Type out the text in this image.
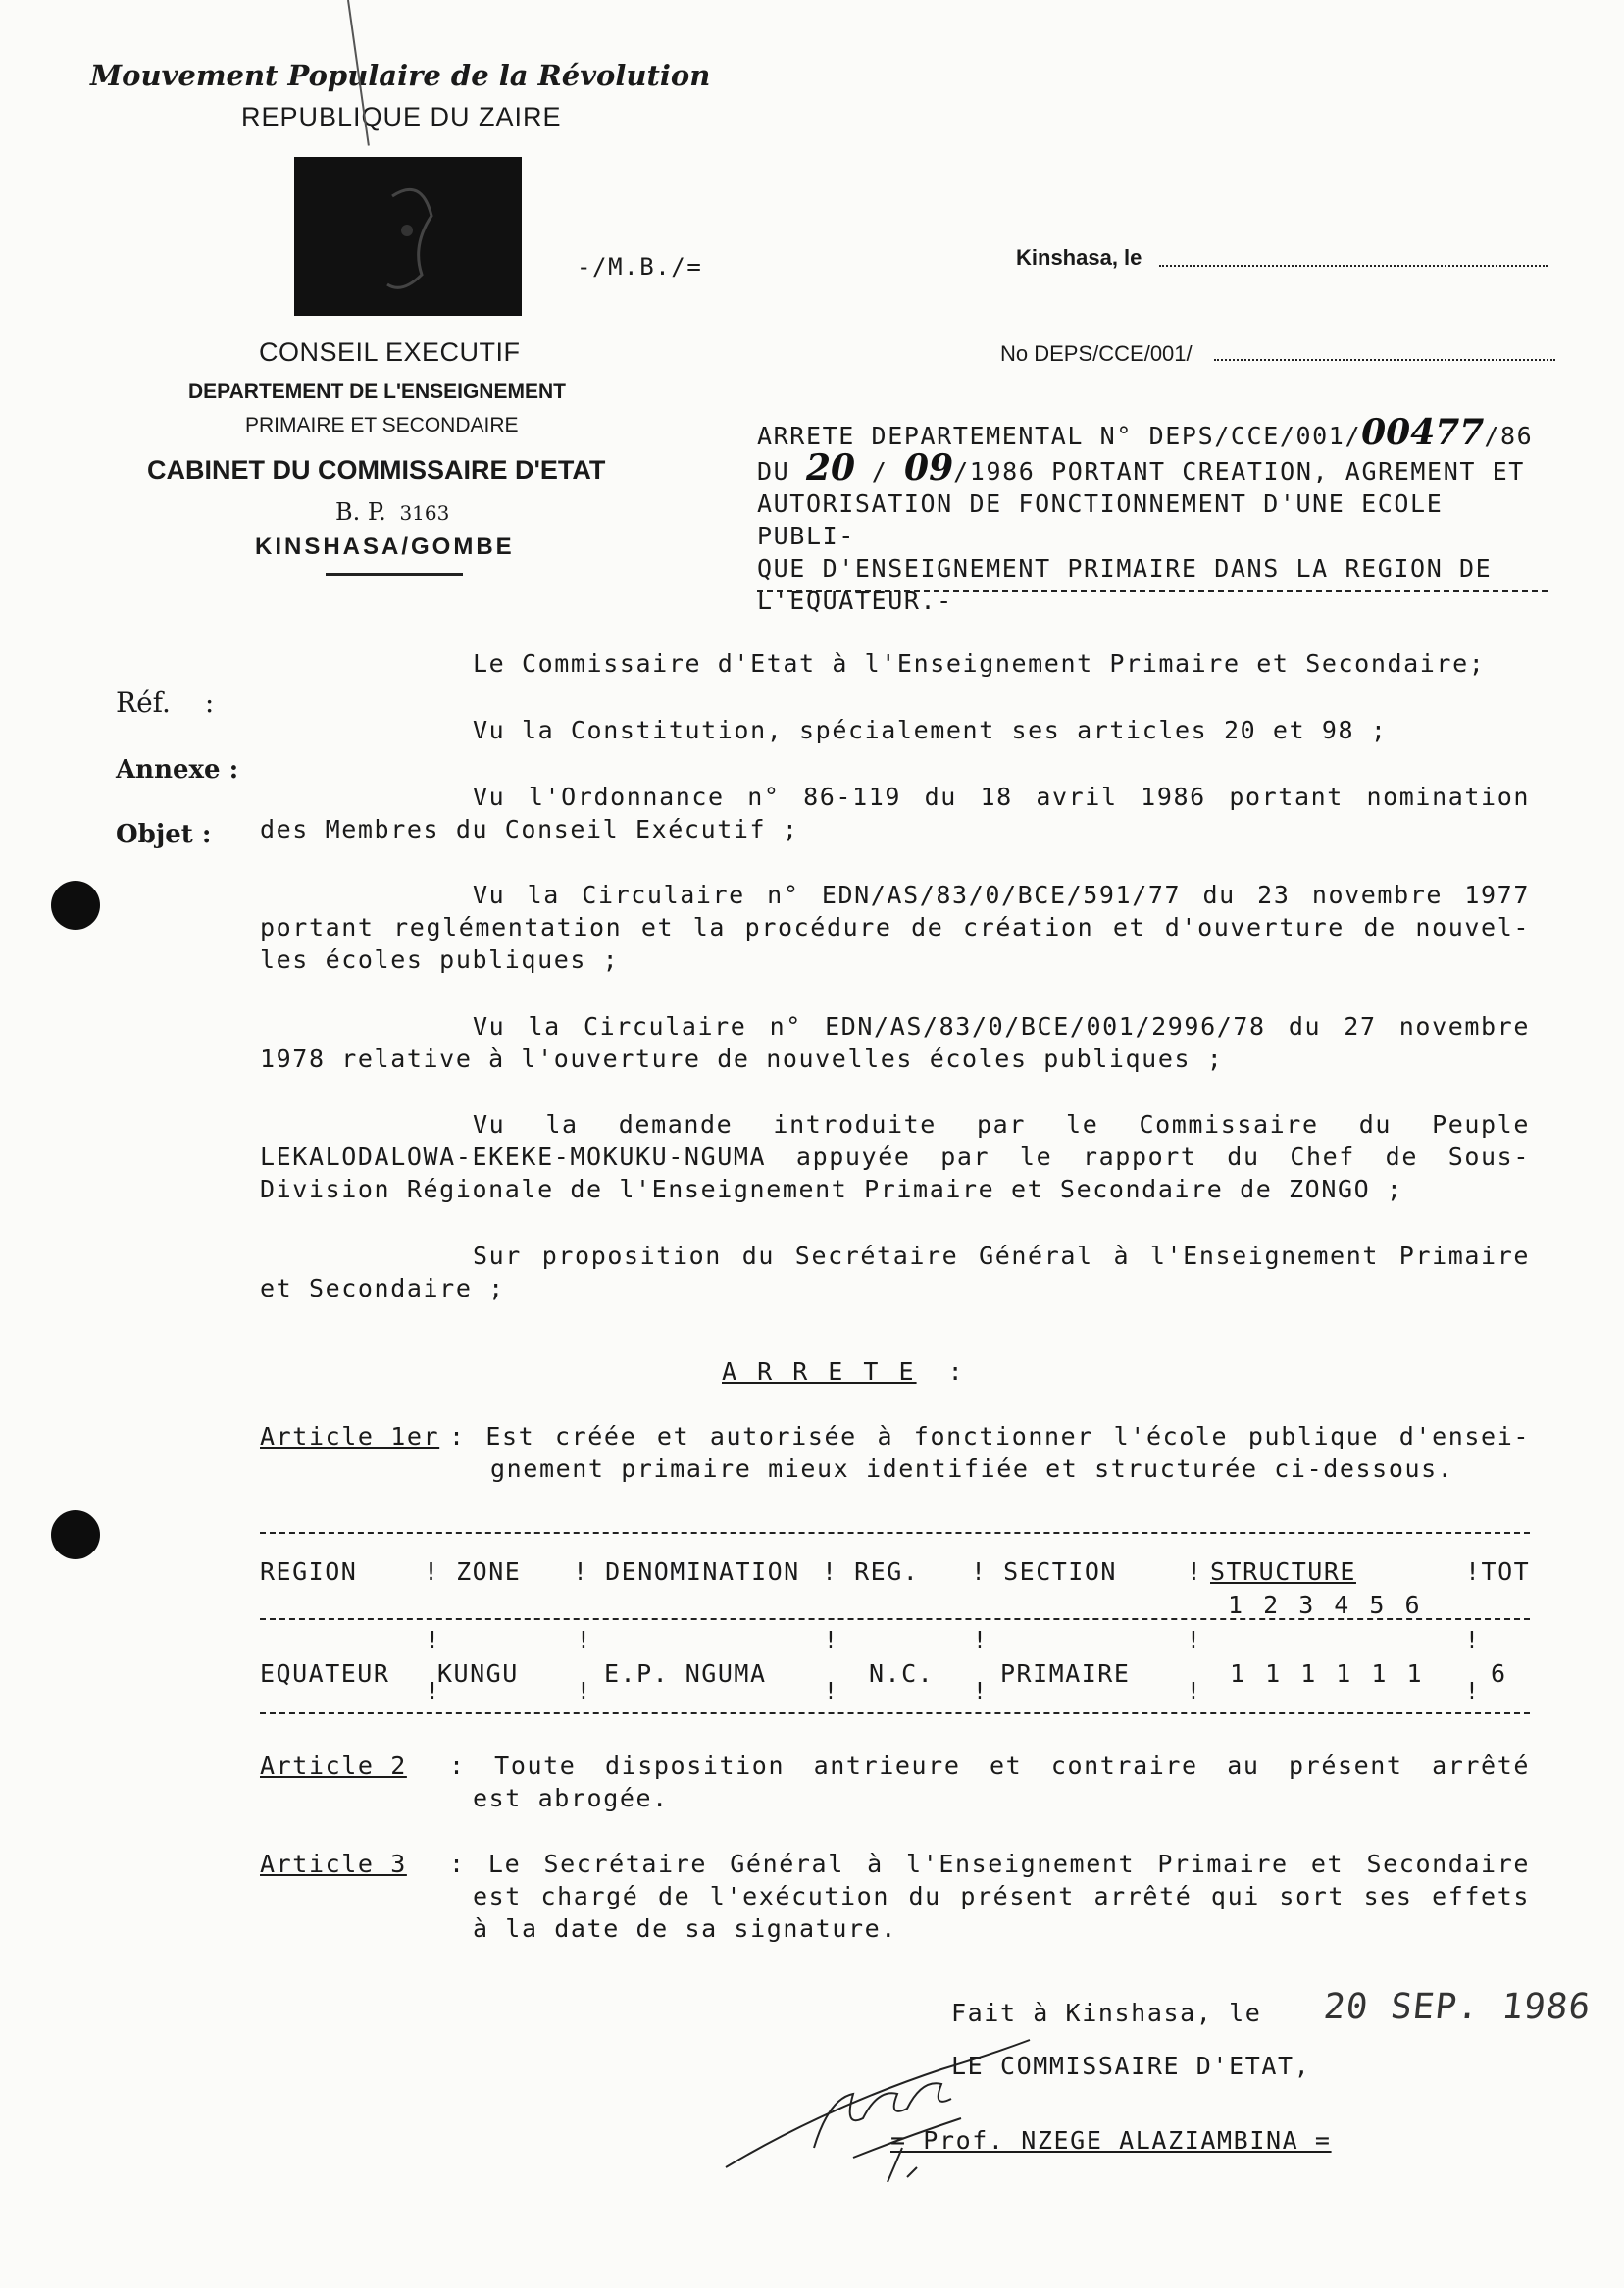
Mouvement Populaire de la Révolution
REPUBLIQUE DU ZAIRE
-/M.B./=
CONSEIL EXECUTIF
DEPARTEMENT DE L'ENSEIGNEMENT
PRIMAIRE ET SECONDAIRE
CABINET DU COMMISSAIRE D'ETAT
B. P. 3163
KINSHASA/GOMBE
Kinshasa, le
No DEPS/CCE/001/
ARRETE DEPARTEMENTAL N° DEPS/CCE/001/00477/86
DU 20 / 09/1986 PORTANT CREATION, AGREMENT ET
AUTORISATION DE FONCTIONNEMENT D'UNE ECOLE PUBLI-
QUE D'ENSEIGNEMENT PRIMAIRE DANS LA REGION DE
L'EQUATEUR.-
Réf. :
Annexe :
Objet :
Le Commissaire d'Etat à l'Enseignement Primaire et Secondaire;
Vu la Constitution, spécialement ses articles 20 et 98 ;
Vu l'Ordonnance n° 86-119 du 18 avril 1986 portant nomination
des Membres du Conseil Exécutif ;
Vu la Circulaire n° EDN/AS/83/0/BCE/591/77 du 23 novembre 1977
portant reglémentation et la procédure de création et d'ouverture de nouvel-
les écoles publiques ;
Vu la Circulaire n° EDN/AS/83/0/BCE/001/2996/78 du 27 novembre
1978 relative à l'ouverture de nouvelles écoles publiques ;
Vu la demande introduite par le Commissaire du Peuple
LEKALODALOWA-EKEKE-MOKUKU-NGUMA appuyée par le rapport du Chef de Sous-
Division Régionale de l'Enseignement Primaire et Secondaire de ZONGO ;
Sur proposition du Secrétaire Général à l'Enseignement Primaire
et Secondaire ;
A R R E T E :
Article 1er : Est créée et autorisée à fonctionner l'école publique d'ensei-
gnement primaire mieux identifiée et structurée ci-dessous.
REGION	! ZONE ! DENOMINATION ! REG. ! SECTION	! STRUCTURE	!TOT
1 2 3 4 5 6
!	!	!	!	!	!
EQUATEUR KUNGU	E.P. NGUMA	N.C.	PRIMAIRE	1 1 1 1 1 1	6
!	!	!	!	!	!
Article 2 : Toute disposition antrieure et contraire au présent arrêté
est abrogée.
Article 3 : Le Secrétaire Général à l'Enseignement Primaire et Secondaire
est chargé de l'exécution du présent arrêté qui sort ses effets
à la date de sa signature.
Fait à Kinshasa, le 20 SEP. 1986
LE COMMISSAIRE D'ETAT,
= Prof. NZEGE ALAZIAMBINA =
